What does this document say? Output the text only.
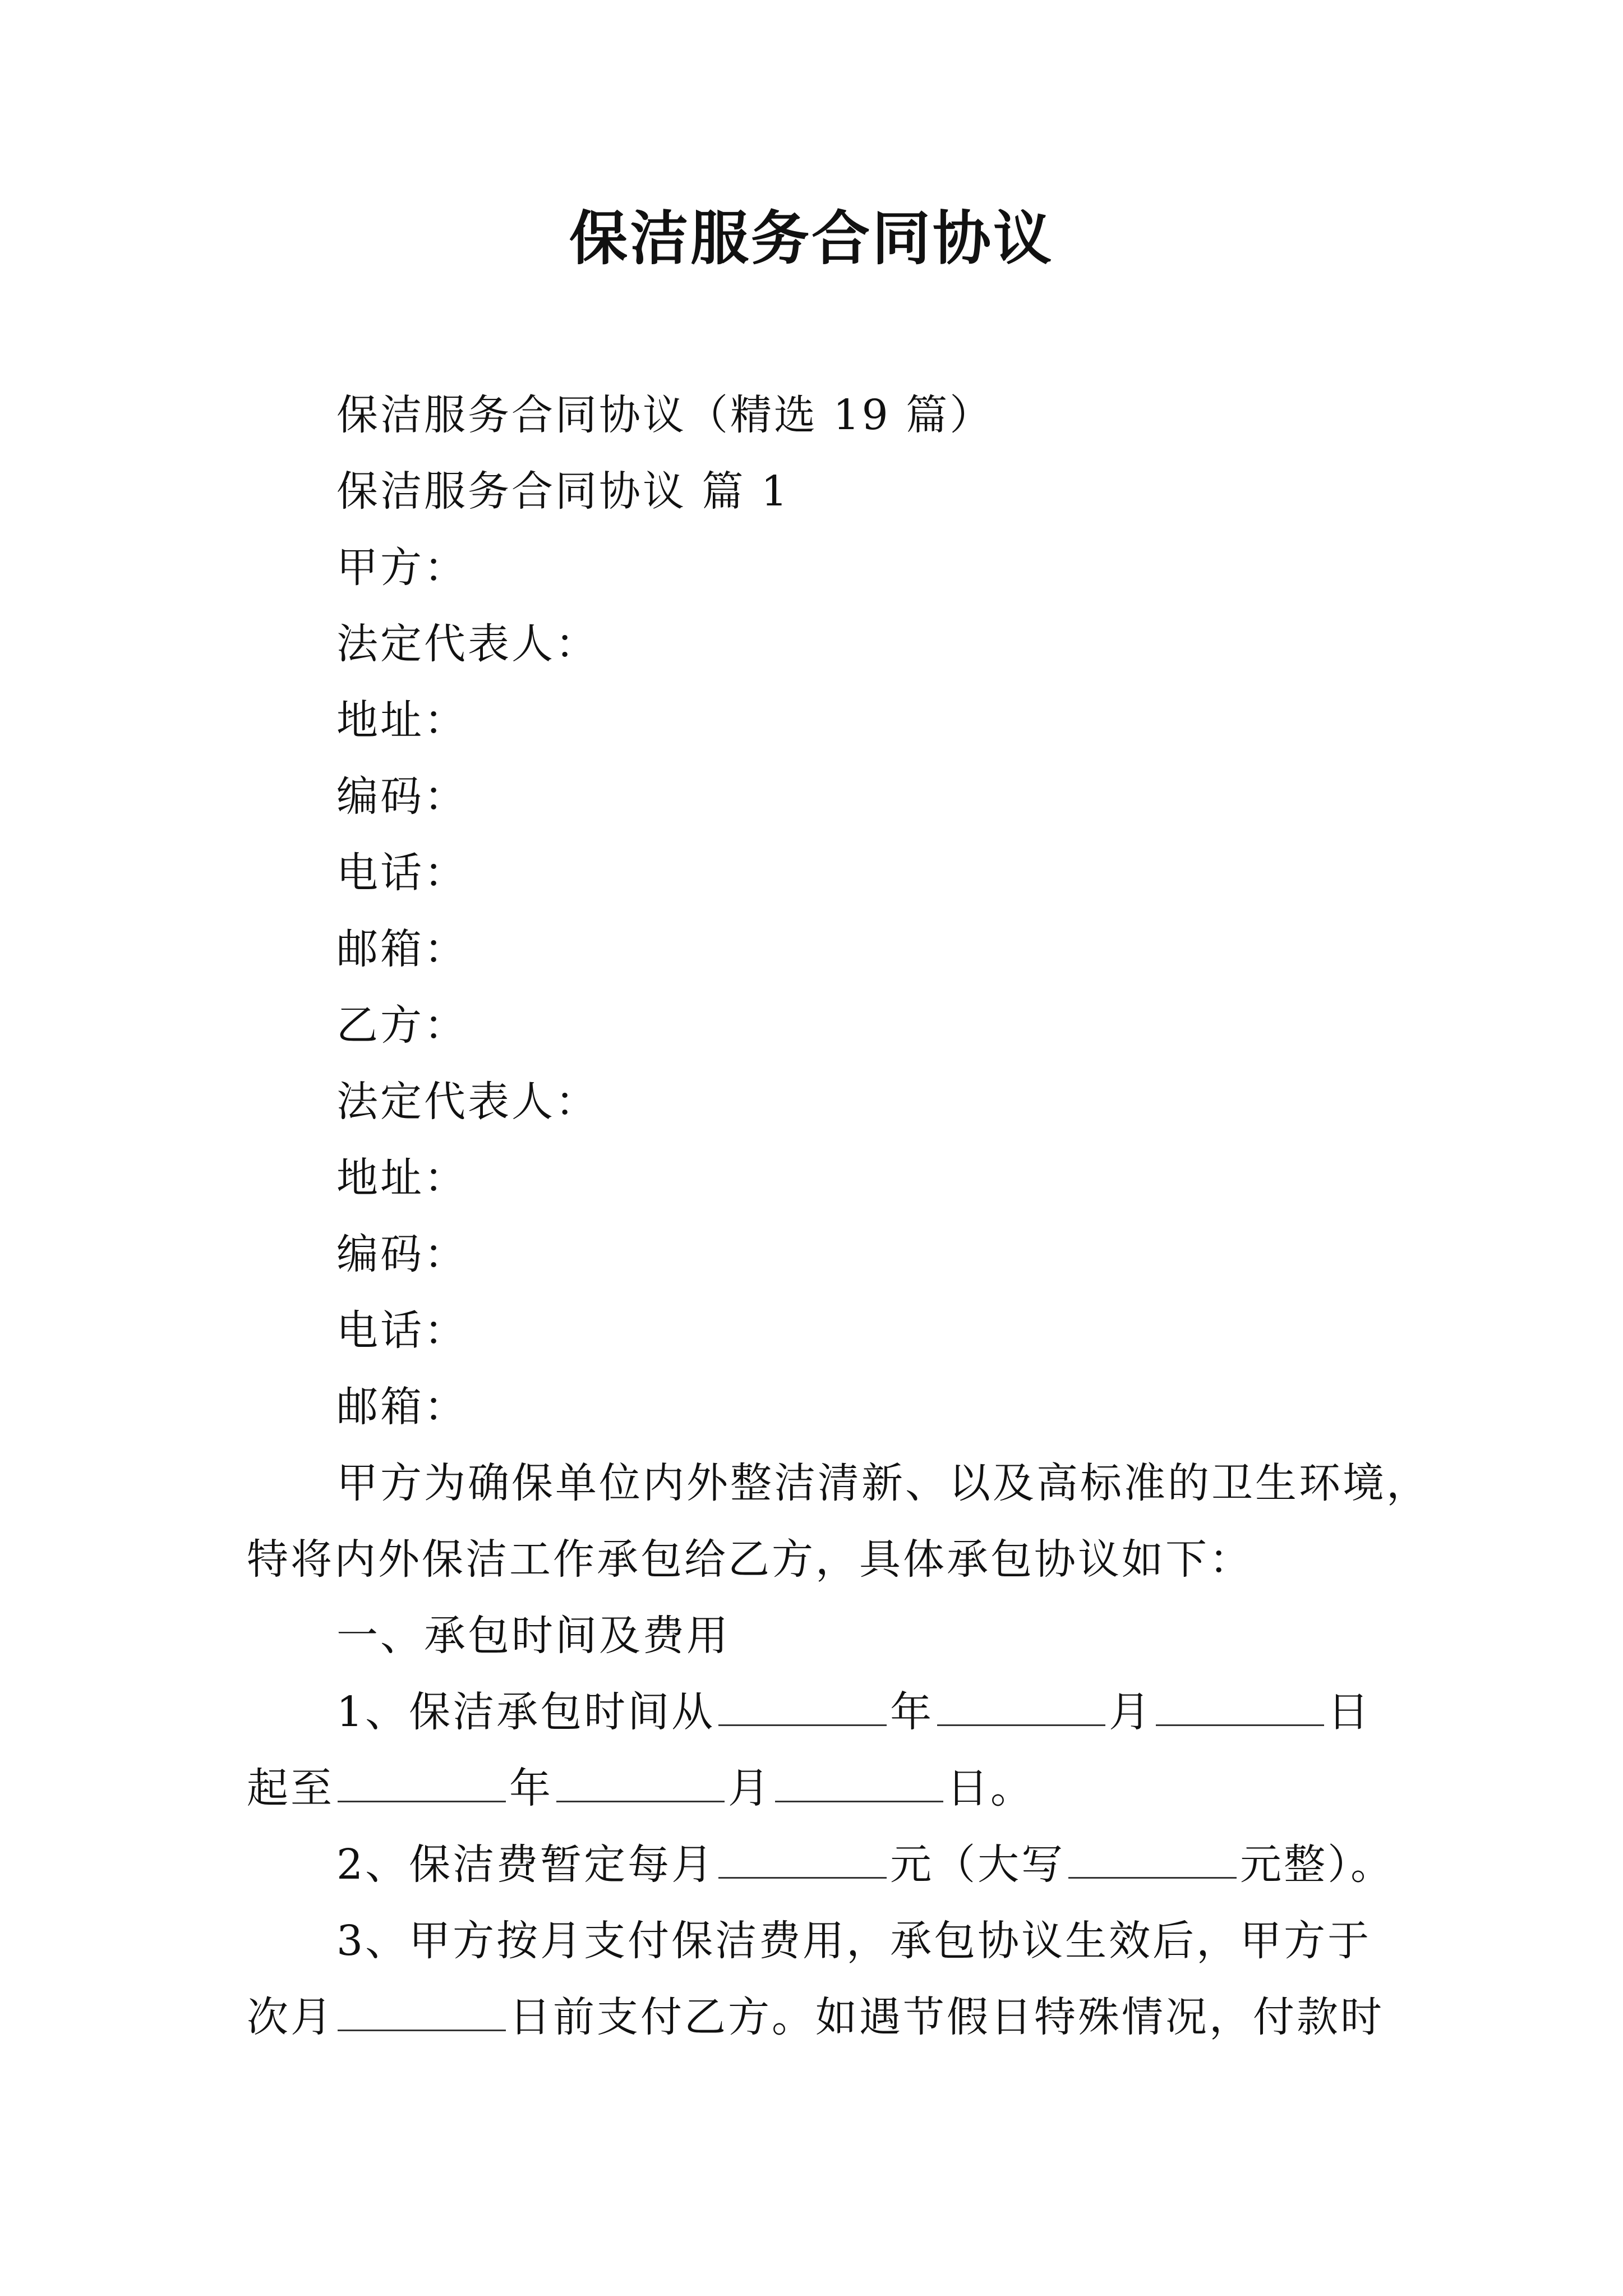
保洁服务合同协议
保洁服务合同协议（精选 19 篇）
保洁服务合同协议 篇 1
甲方：
法定代表人：
地址：
编码：
电话：
邮箱：
乙方：
法定代表人：
地址：
编码：
电话：
邮箱：
甲方为确保单位内外整洁清新、以及高标准的卫生环境，
特将内外保洁工作承包给乙方，具体承包协议如下：
一、承包时间及费用
1、保洁承包时间从	年	月	日
起至	年	月	日。
2、保洁费暂定每月	元（大写	元整）。
3、甲方按月支付保洁费用，承包协议生效后，甲方于
次月	日前支付乙方。如遇节假日特殊情况，付款时
